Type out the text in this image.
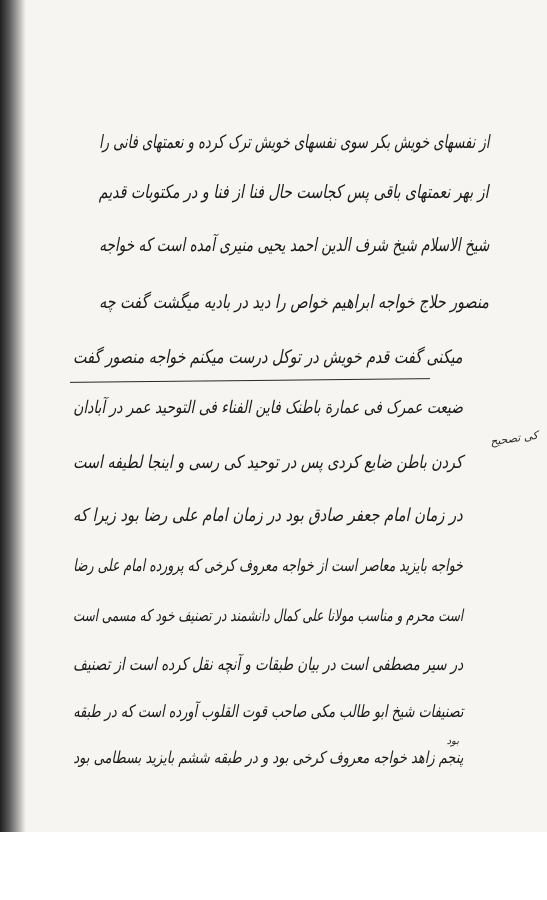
از نفسهای خویش بکر سوی نفسهای خویش ترک کرده و نعمتهای فانی را
از بهر نعمتهای باقی پس کجاست حال فنا از فنا و در مکتوبات قدیم
شیخ الاسلام شیخ شرف الدین احمد یحیی منیری آمده است که خواجه
منصور حلاج خواجه ابراهیم خواص را دید در بادیه میگشت گفت چه
میکنی گفت قدم خویش در توکل درست میکنم خواجه منصور گفت
ضیعت عمرک فی عمارة باطنک فاین الفناء فی التوحید عمر در آبادان
کردن باطن ضایع کردی پس در توحید کی رسی و اینجا لطیفه است
در زمان امام جعفر صادق بود در زمان امام علی رضا بود زیرا که
خواجه بایزید معاصر است از خواجه معروف کرخی که پرورده امام علی رضا
است محرم و مناسب مولانا علی کمال دانشمند در تصنیف خود که مسمی است
در سیر مصطفی است در بیان طبقات و آنچه نقل کرده است از تصنیف
تصنیفات شیخ ابو طالب مکی صاحب قوت القلوب آورده است که در طبقه
پنجم زاهد خواجه معروف کرخی بود و در طبقه ششم بایزید بسطامی بود
بود
کی تصحیح
